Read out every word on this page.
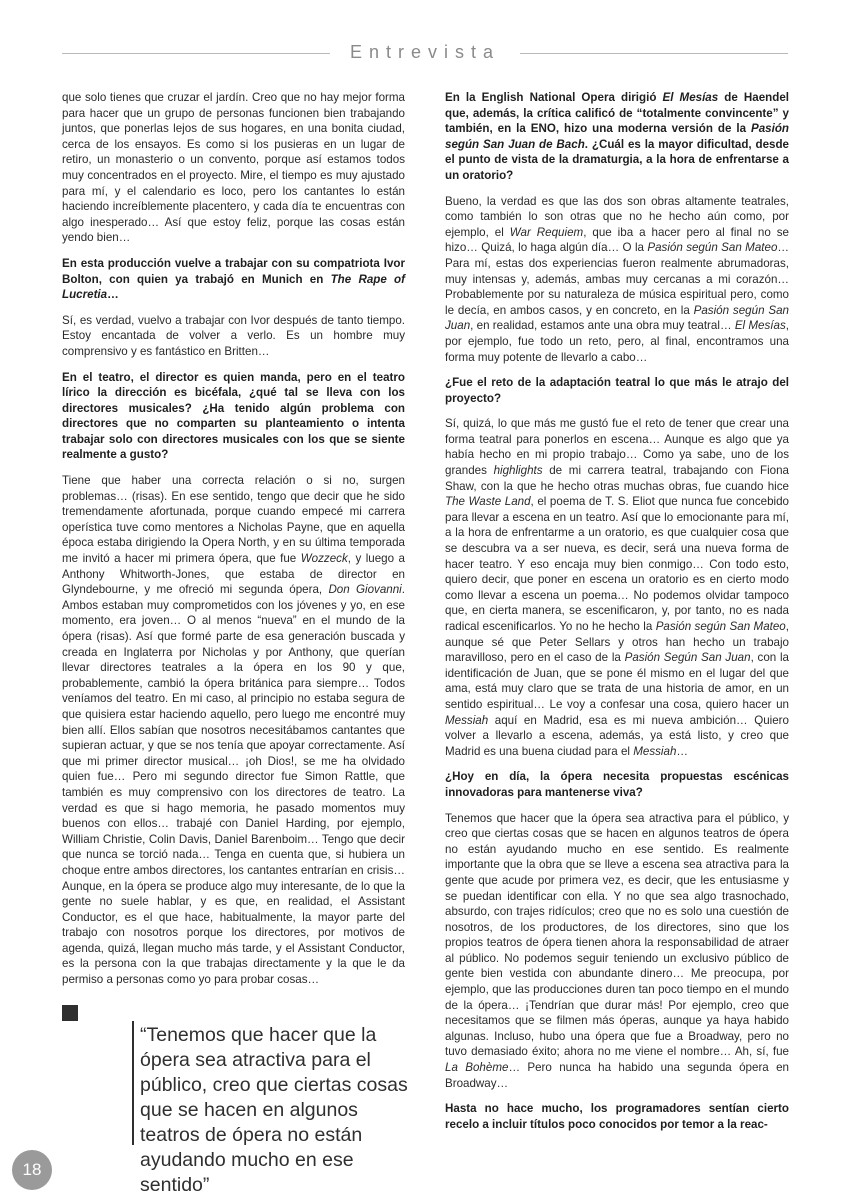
Entrevista

que solo tienes que cruzar el jardín. Creo que no hay mejor forma para hacer que un grupo de personas funcionen bien trabajando juntos, que ponerlas lejos de sus hogares, en una bonita ciudad, cerca de los ensayos. Es como si los pusieras en un lugar de retiro, un monasterio o un convento, porque así estamos todos muy concentrados en el proyecto. Mire, el tiempo es muy ajustado para mí, y el calendario es loco, pero los cantantes lo están haciendo increíblemente placentero, y cada día te encuentras con algo inesperado… Así que estoy feliz, porque las cosas están yendo bien…

En esta producción vuelve a trabajar con su compatriota Ivor Bolton, con quien ya trabajó en Munich en The Rape of Lucretia…

Sí, es verdad, vuelvo a trabajar con Ivor después de tanto tiempo. Estoy encantada de volver a verlo. Es un hombre muy comprensivo y es fantástico en Britten…

En el teatro, el director es quien manda, pero en el teatro lírico la dirección es bicéfala, ¿qué tal se lleva con los directores musicales? ¿Ha tenido algún problema con directores que no comparten su planteamiento o intenta trabajar solo con directores musicales con los que se siente realmente a gusto?

Tiene que haber una correcta relación o si no, surgen problemas… (risas). En ese sentido, tengo que decir que he sido tremendamente afortunada, porque cuando empecé mi carrera operística tuve como mentores a Nicholas Payne, que en aquella época estaba dirigiendo la Opera North, y en su última temporada me invitó a hacer mi primera ópera, que fue Wozzeck, y luego a Anthony Whitworth-Jones, que estaba de director en Glyndebourne, y me ofreció mi segunda ópera, Don Giovanni. Ambos estaban muy comprometidos con los jóvenes y yo, en ese momento, era joven… O al menos “nueva” en el mundo de la ópera (risas). Así que formé parte de esa generación buscada y creada en Inglaterra por Nicholas y por Anthony, que querían llevar directores teatrales a la ópera en los 90 y que, probablemente, cambió la ópera británica para siempre… Todos veníamos del teatro. En mi caso, al principio no estaba segura de que quisiera estar haciendo aquello, pero luego me encontré muy bien allí. Ellos sabían que nosotros necesitábamos cantantes que supieran actuar, y que se nos tenía que apoyar correctamente. Así que mi primer director musical… ¡oh Dios!, se me ha olvidado quien fue… Pero mi segundo director fue Simon Rattle, que también es muy comprensivo con los directores de teatro. La verdad es que si hago memoria, he pasado momentos muy buenos con ellos… trabajé con Daniel Harding, por ejemplo, William Christie, Colin Davis, Daniel Barenboim… Tengo que decir que nunca se torció nada… Tenga en cuenta que, si hubiera un choque entre ambos directores, los cantantes entrarían en crisis… Aunque, en la ópera se produce algo muy interesante, de lo que la gente no suele hablar, y es que, en realidad, el Assistant Conductor, es el que hace, habitualmente, la mayor parte del trabajo con nosotros porque los directores, por motivos de agenda, quizá, llegan mucho más tarde, y el Assistant Conductor, es la persona con la que trabajas directamente y la que le da permiso a personas como yo para probar cosas…

En la English National Opera dirigió El Mesías de Haendel que, además, la crítica calificó de “totalmente convincente” y también, en la ENO, hizo una moderna versión de la Pasión según San Juan de Bach. ¿Cuál es la mayor dificultad, desde el punto de vista de la dramaturgia, a la hora de enfrentarse a un oratorio?

Bueno, la verdad es que las dos son obras altamente teatrales, como también lo son otras que no he hecho aún como, por ejemplo, el War Requiem, que iba a hacer pero al final no se hizo… Quizá, lo haga algún día… O la Pasión según San Mateo… Para mí, estas dos experiencias fueron realmente abrumadoras, muy intensas y, además, ambas muy cercanas a mi corazón… Probablemente por su naturaleza de música espiritual pero, como le decía, en ambos casos, y en concreto, en la Pasión según San Juan, en realidad, estamos ante una obra muy teatral… El Mesías, por ejemplo, fue todo un reto, pero, al final, encontramos una forma muy potente de llevarlo a cabo…

¿Fue el reto de la adaptación teatral lo que más le atrajo del proyecto?

Sí, quizá, lo que más me gustó fue el reto de tener que crear una forma teatral para ponerlos en escena… Aunque es algo que ya había hecho en mi propio trabajo… Como ya sabe, uno de los grandes highlights de mi carrera teatral, trabajando con Fiona Shaw, con la que he hecho otras muchas obras, fue cuando hice The Waste Land, el poema de T. S. Eliot que nunca fue concebido para llevar a escena en un teatro. Así que lo emocionante para mí, a la hora de enfrentarme a un oratorio, es que cualquier cosa que se descubra va a ser nueva, es decir, será una nueva forma de hacer teatro. Y eso encaja muy bien conmigo… Con todo esto, quiero decir, que poner en escena un oratorio es en cierto modo como llevar a escena un poema… No podemos olvidar tampoco que, en cierta manera, se escenificaron, y, por tanto, no es nada radical escenificarlos. Yo no he hecho la Pasión según San Mateo, aunque sé que Peter Sellars y otros han hecho un trabajo maravilloso, pero en el caso de la Pasión Según San Juan, con la identificación de Juan, que se pone él mismo en el lugar del que ama, está muy claro que se trata de una historia de amor, en un sentido espiritual… Le voy a confesar una cosa, quiero hacer un Messiah aquí en Madrid, esa es mi nueva ambición… Quiero volver a llevarlo a escena, además, ya está listo, y creo que Madrid es una buena ciudad para el Messiah…

¿Hoy en día, la ópera necesita propuestas escénicas innovadoras para mantenerse viva?

Tenemos que hacer que la ópera sea atractiva para el público, y creo que ciertas cosas que se hacen en algunos teatros de ópera no están ayudando mucho en ese sentido. Es realmente importante que la obra que se lleve a escena sea atractiva para la gente que acude por primera vez, es decir, que les entusiasme y se puedan identificar con ella. Y no que sea algo trasnochado, absurdo, con trajes ridículos; creo que no es solo una cuestión de nosotros, de los productores, de los directores, sino que los propios teatros de ópera tienen ahora la responsabilidad de atraer al público. No podemos seguir teniendo un exclusivo público de gente bien vestida con abundante dinero… Me preocupa, por ejemplo, que las producciones duren tan poco tiempo en el mundo de la ópera… ¡Tendrían que durar más! Por ejemplo, creo que necesitamos que se filmen más óperas, aunque ya haya habido algunas. Incluso, hubo una ópera que fue a Broadway, pero no tuvo demasiado éxito; ahora no me viene el nombre… Ah, sí, fue La Bohème… Pero nunca ha habido una segunda ópera en Broadway…

Hasta no hace mucho, los programadores sentían cierto recelo a incluir títulos poco conocidos por temor a la reac-

“Tenemos que hacer que la ópera sea atractiva para el público, creo que ciertas cosas que se hacen en algunos teatros de ópera no están ayudando mucho en ese sentido”

18
